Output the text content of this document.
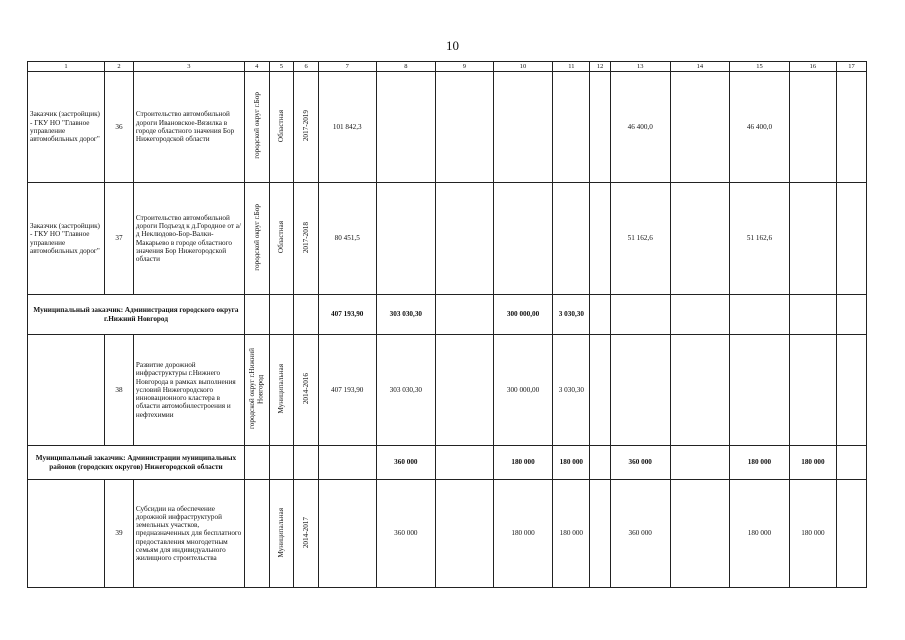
10
1	2	3	4	5	6	7	8	9	10	11	12	13	14	15	16	17
Заказчик (застройщик) - ГКУ НО "Главное управление автомобильных дорог"	36	Строительство автомобильной дороги Ивановское-Вязилка в городе областного значения Бор Нижегородской области	городской округ г.Бор	Областная	2017-2019	101 842,3						46 400,0		46 400,0		
Заказчик (застройщик) - ГКУ НО "Главное управление автомобильных дорог"	37	Строительство автомобильной дороги Подъезд к д.Городное от а/д Неклюдово-Бор-Валки-Макарьево в городе областного значения Бор Нижегородской области	городской округ г.Бор	Областная	2017-2018	80 451,5						51 162,6		51 162,6		
Муниципальный заказчик: Администрация городского округа г.Нижний Новгород						407 193,90	303 030,30		300 000,00	3 030,30						
	38	Развитие дорожной инфраструктуры г.Нижнего Новгорода в рамках выполнения условий Нижегородского инновационного кластера в области автомобилестроения и нефтехимии	городской округ г.Нижний Новгород	Муниципальная	2014-2016	407 193,90	303 030,30		300 000,00	3 030,30						
Муниципальный заказчик: Администрации муниципальных районов (городских округов) Нижегородской области							360 000		180 000	180 000		360 000		180 000	180 000	
	39	Субсидии на обеспечение дорожной инфраструктурой земельных участков, предназначенных для бесплатного предоставления многодетным семьям для индивидуального жилищного строительства		Муниципальная	2014-2017		360 000		180 000	180 000		360 000		180 000	180 000	
